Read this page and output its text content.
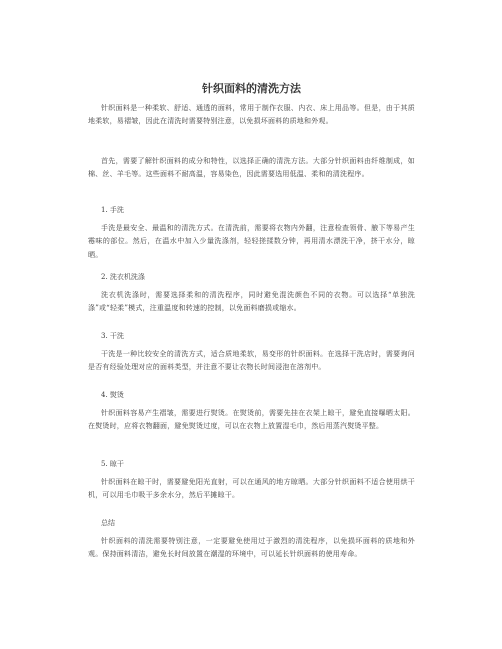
针织面料的清洗方法

针织面料是一种柔软、舒适、通透的面料，常用于制作衣服、内衣、床上用品等。但是，由于其质地柔软，易褶皱，因此在清洗时需要特别注意，以免损坏面料的质地和外观。

首先，需要了解针织面料的成分和特性，以选择正确的清洗方法。大部分针织面料由纤维制成，如棉、丝、羊毛等。这些面料不耐高温，容易染色，因此需要选用低温、柔和的清洗程序。

1. 手洗

手洗是最安全、最温和的清洗方式。在清洗前，需要将衣物内外翻，注意检查领骨、腋下等易产生霉味的部位。然后，在温水中加入少量洗涤剂，轻轻搓揉数分钟，再用清水漂洗干净，挤干水分，晾晒。

2. 洗衣机洗涤

洗衣机洗涤时，需要选择柔和的清洗程序，同时避免混洗颜色不同的衣物。可以选择“单独洗涤”或“轻柔”模式，注重温度和转速的控制，以免面料磨损或缩水。

3. 干洗

干洗是一种比较安全的清洗方式，适合质地柔软，易变形的针织面料。在选择干洗店时，需要询问是否有经验处理对应的面料类型，并注意不要让衣物长时间浸泡在溶剂中。

4. 熨烫

针织面料容易产生褶皱，需要进行熨烫。在熨烫前，需要先挂在衣架上晾干，避免直接曝晒太阳。在熨烫时，应将衣物翻面，避免熨烫过度，可以在衣物上放置湿毛巾，然后用蒸汽熨烫平整。

5. 晾干

针织面料在晾干时，需要避免阳光直射，可以在通风的地方晾晒。大部分针织面料不适合使用烘干机，可以用毛巾吸干多余水分，然后平摊晾干。

总结

针织面料的清洗需要特别注意，一定要避免使用过于激烈的清洗程序，以免损坏面料的质地和外观。保持面料清洁，避免长时间放置在潮湿的环境中，可以延长针织面料的使用寿命。
